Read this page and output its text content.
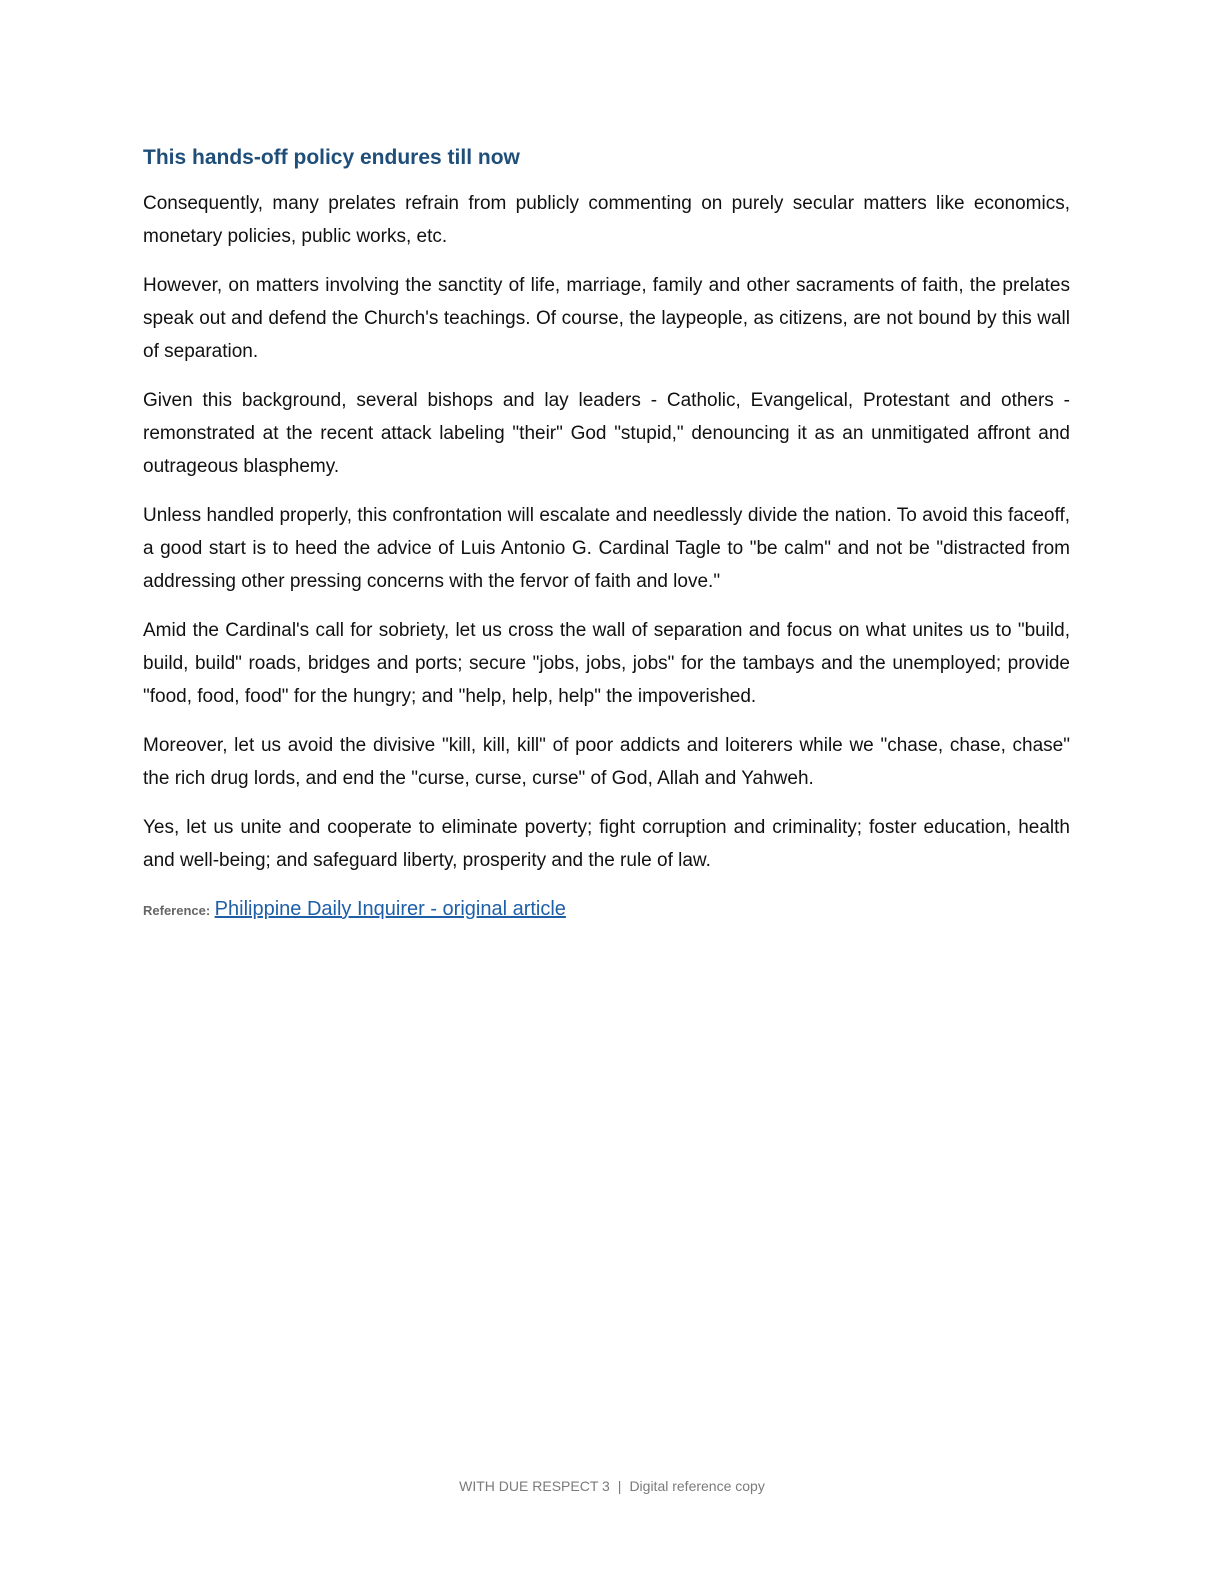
This hands-off policy endures till now

Consequently, many prelates refrain from publicly commenting on purely secular matters like economics, monetary policies, public works, etc.

However, on matters involving the sanctity of life, marriage, family and other sacraments of faith, the prelates speak out and defend the Church's teachings. Of course, the laypeople, as citizens, are not bound by this wall of separation.

Given this background, several bishops and lay leaders - Catholic, Evangelical, Protestant and others - remonstrated at the recent attack labeling "their" God "stupid," denouncing it as an unmitigated affront and outrageous blasphemy.

Unless handled properly, this confrontation will escalate and needlessly divide the nation. To avoid this faceoff, a good start is to heed the advice of Luis Antonio G. Cardinal Tagle to "be calm" and not be "distracted from addressing other pressing concerns with the fervor of faith and love."

Amid the Cardinal's call for sobriety, let us cross the wall of separation and focus on what unites us to "build, build, build" roads, bridges and ports; secure "jobs, jobs, jobs" for the tambays and the unemployed; provide "food, food, food" for the hungry; and "help, help, help" the impoverished.

Moreover, let us avoid the divisive "kill, kill, kill" of poor addicts and loiterers while we "chase, chase, chase" the rich drug lords, and end the "curse, curse, curse" of God, Allah and Yahweh.

Yes, let us unite and cooperate to eliminate poverty; fight corruption and criminality; foster education, health and well-being; and safeguard liberty, prosperity and the rule of law.

Reference: Philippine Daily Inquirer - original article
WITH DUE RESPECT 3 | Digital reference copy
